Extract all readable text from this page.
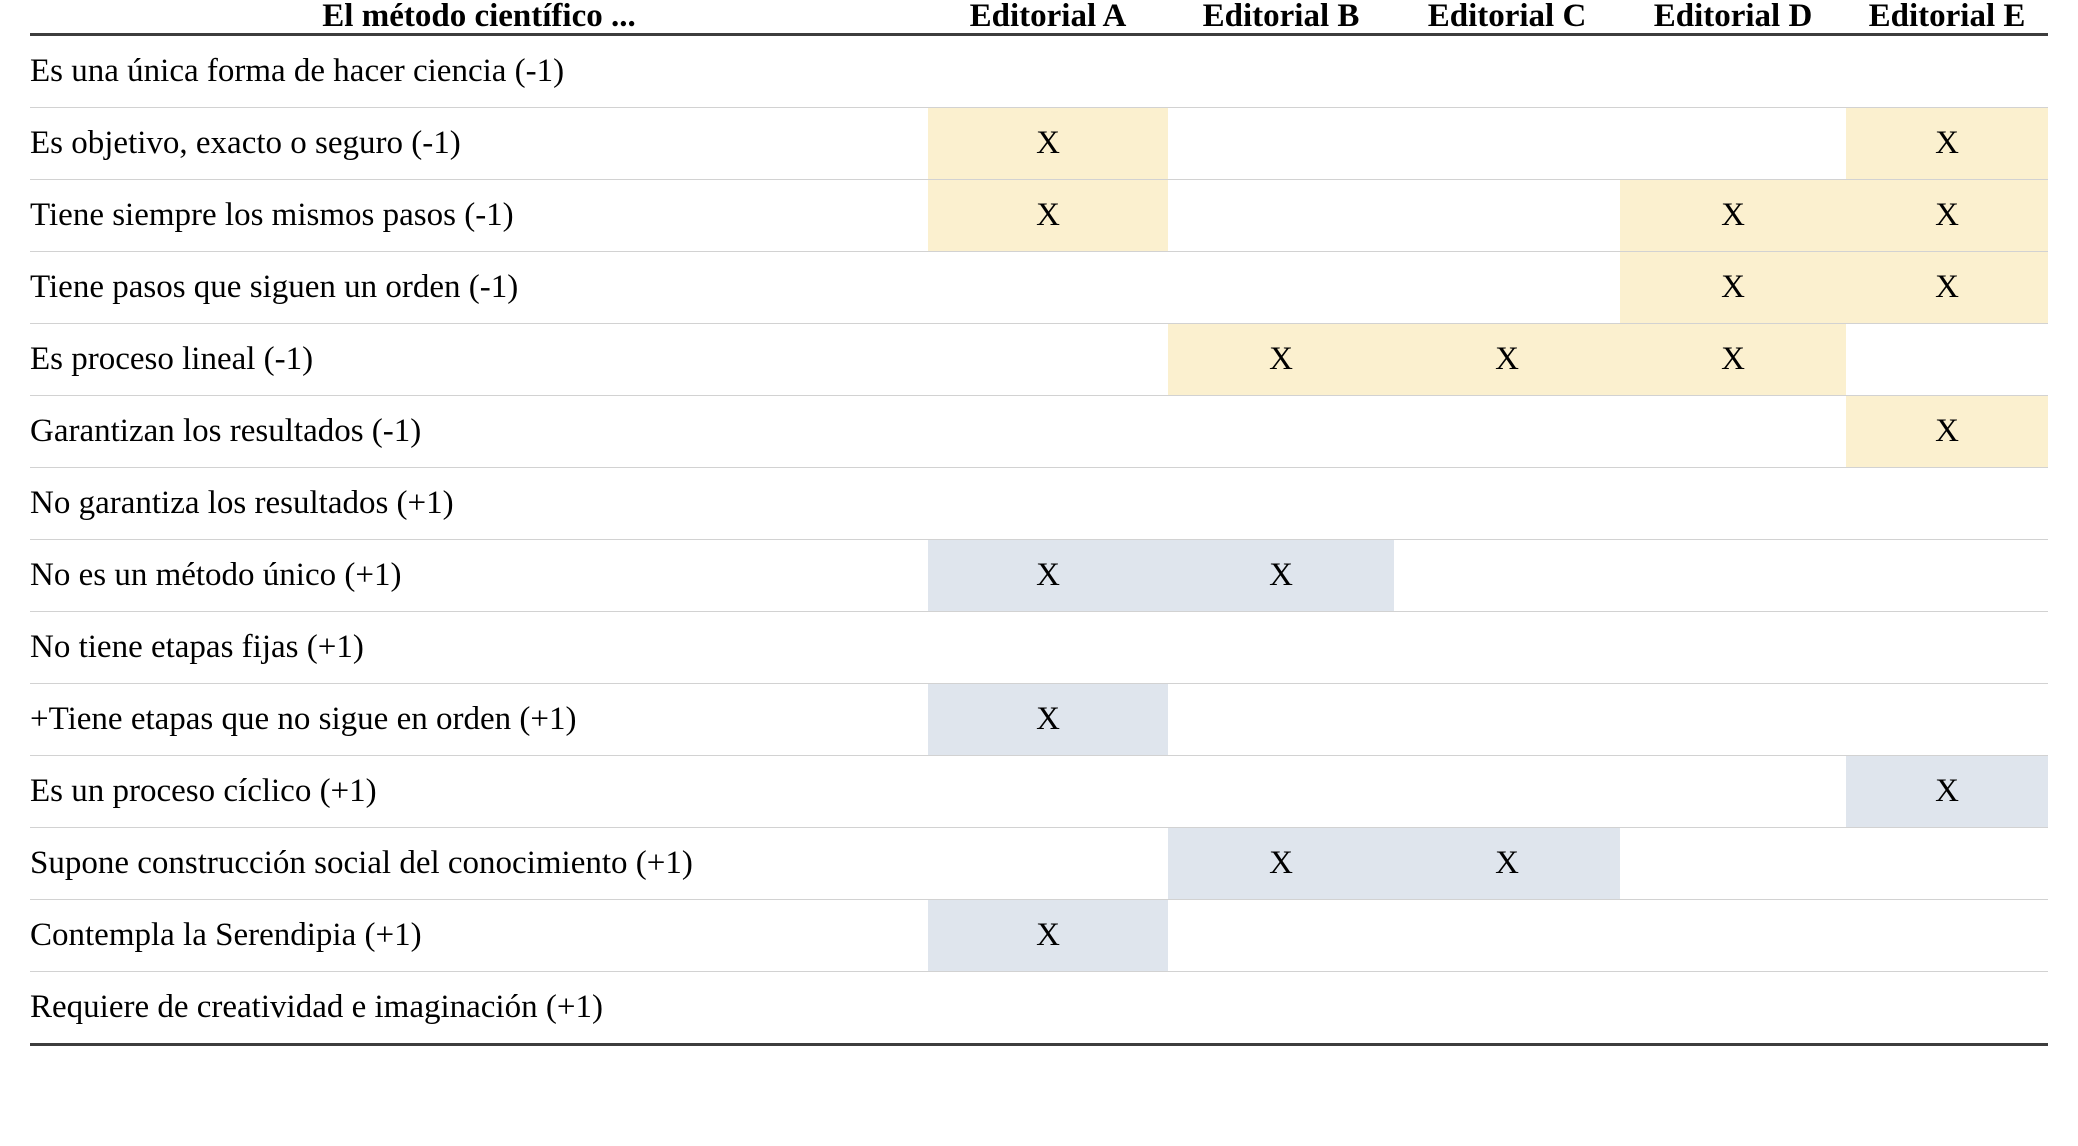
El método científico ...	Editorial A	Editorial B	Editorial C	Editorial D	Editorial E
Es una única forma de hacer ciencia (-1)					
Es objetivo, exacto o seguro (-1)	X				X
Tiene siempre los mismos pasos (-1)	X			X	X
Tiene pasos que siguen un orden (-1)				X	X
Es proceso lineal (-1)		X	X	X	
Garantizan los resultados (-1)					X
No garantiza los resultados (+1)					
No es un método único (+1)	X	X			
No tiene etapas fijas (+1)					
+Tiene etapas que no sigue en orden (+1)	X				
Es un proceso cíclico (+1)					X
Supone construcción social del conocimiento (+1)		X	X		
Contempla la Serendipia (+1)	X				
Requiere de creatividad e imaginación (+1)					
